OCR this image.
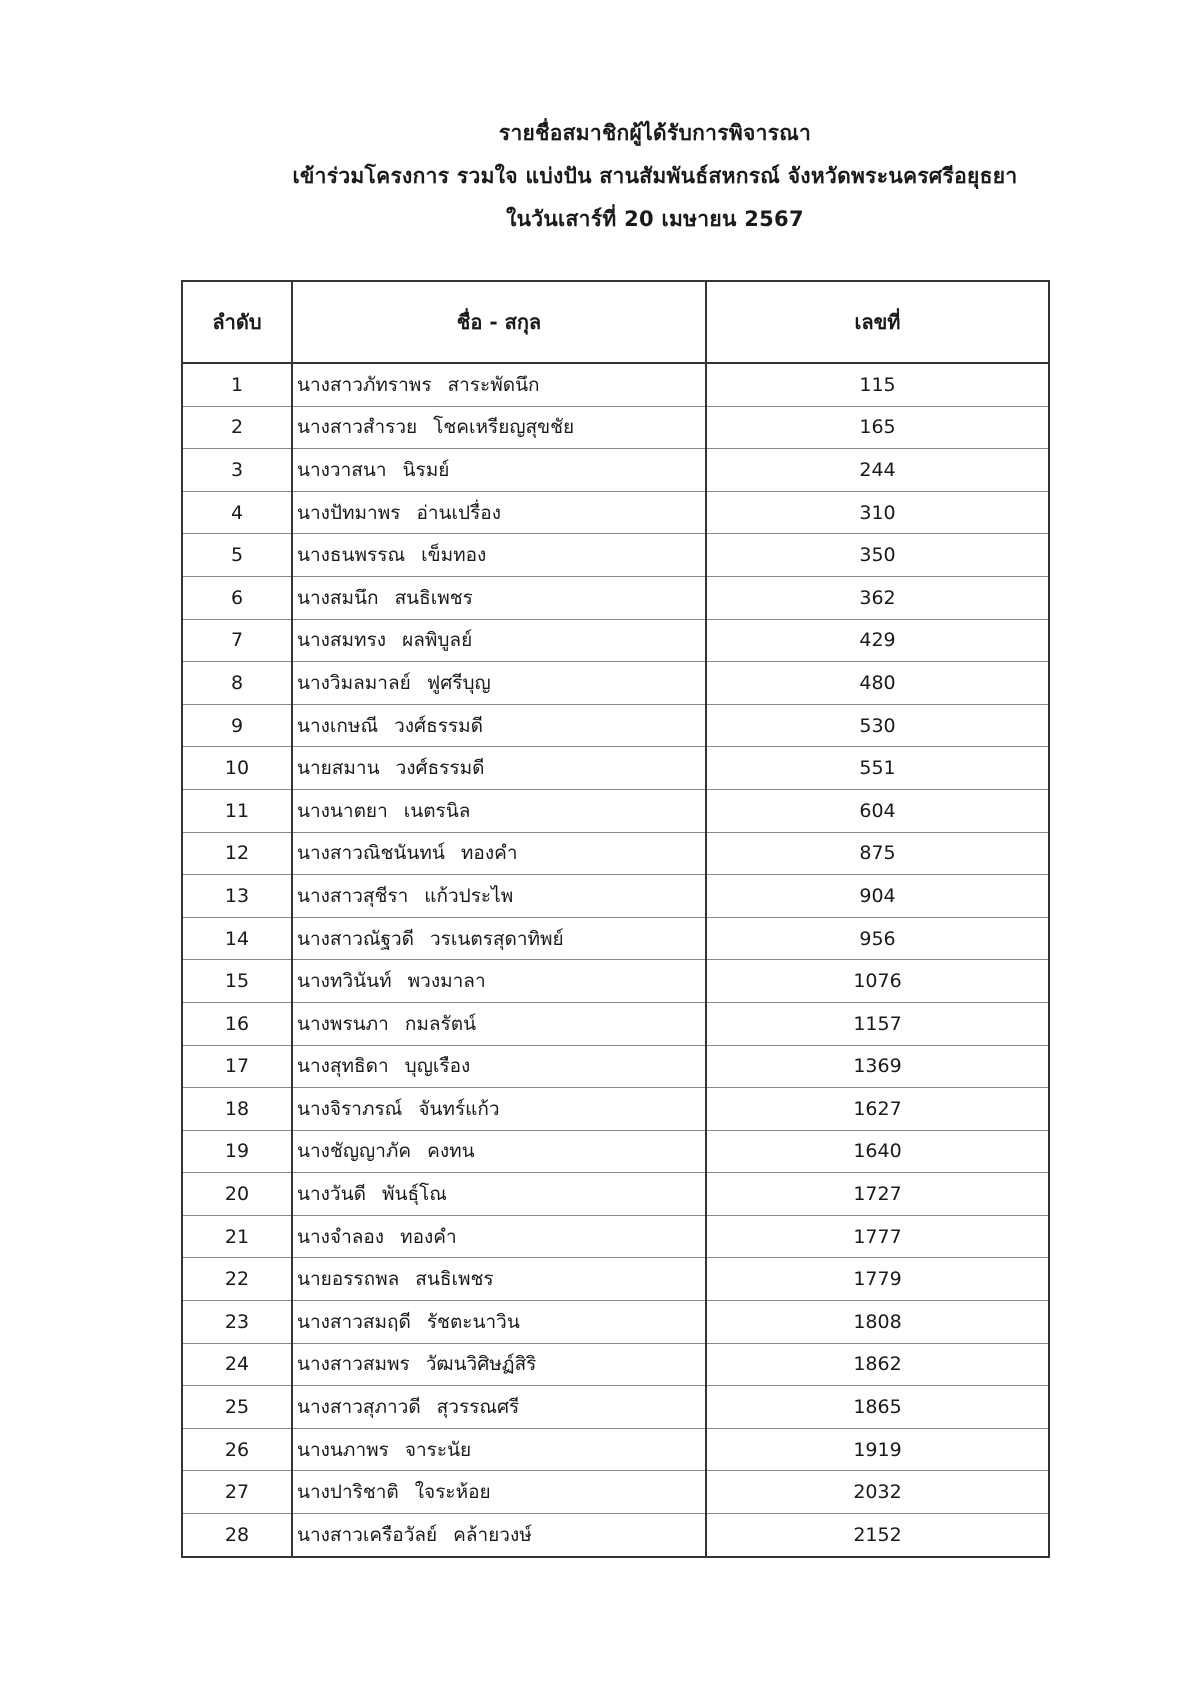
รายชื่อสมาชิกผู้ได้รับการพิจารณา
เข้าร่วมโครงการ รวมใจ แบ่งปัน สานสัมพันธ์สหกรณ์ จังหวัดพระนครศรีอยุธยา
ในวันเสาร์ที่ 20 เมษายน 2567
ลำดับ	ชื่อ - สกุล	เลขที่
1	นางสาวภัทราพร สาระพัดนึก	115
2	นางสาวสำรวย โชคเหรียญสุขชัย	165
3	นางวาสนา นิรมย์	244
4	นางปัทมาพร อ่านเปรื่อง	310
5	นางธนพรรณ เข็มทอง	350
6	นางสมนึก สนธิเพชร	362
7	นางสมทรง ผลพิบูลย์	429
8	นางวิมลมาลย์ ฟูศรีบุญ	480
9	นางเกษณี วงศ์ธรรมดี	530
10	นายสมาน วงศ์ธรรมดี	551
11	นางนาตยา เนตรนิล	604
12	นางสาวณิชนันทน์ ทองคำ	875
13	นางสาวสุชีรา แก้วประไพ	904
14	นางสาวณัฐวดี วรเนตรสุดาทิพย์	956
15	นางทวินันท์ พวงมาลา	1076
16	นางพรนภา กมลรัตน์	1157
17	นางสุทธิดา บุญเรือง	1369
18	นางจิราภรณ์ จันทร์แก้ว	1627
19	นางชัญญาภัค คงทน	1640
20	นางวันดี พันธุ์โณ	1727
21	นางจำลอง ทองคำ	1777
22	นายอรรถพล สนธิเพชร	1779
23	นางสาวสมฤดี รัชตะนาวิน	1808
24	นางสาวสมพร วัฒนวิศิษฏ์สิริ	1862
25	นางสาวสุภาวดี สุวรรณศรี	1865
26	นางนภาพร จาระนัย	1919
27	นางปาริชาติ ใจระห้อย	2032
28	นางสาวเครือวัลย์ คล้ายวงษ์	2152
